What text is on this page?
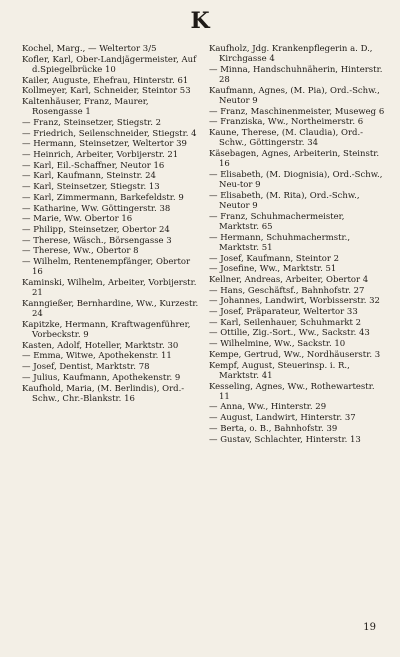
K

Kochel, Marg., — Weltertor 3/5

Kofler, Karl, Ober-Landjägermeister, Auf d.Spiegelbrücke 10

Kailer, Auguste, Ehefrau, Hinterstr. 61

Kollmeyer, Karl, Schneider, Steintor 53

Kaltenhäuser, Franz, Maurer, Rosengasse 1

— Franz, Steinsetzer, Stiegstr. 2

— Friedrich, Seilenschneider, Stiegstr. 4

— Hermann, Steinsetzer, Weltertor 39

— Heinrich, Arbeiter, Vorbijerstr. 21

— Karl, Eil.-Schaffner, Neutor 16

— Karl, Kaufmann, Steinstr. 24

— Karl, Steinsetzer, Stiegstr. 13

— Karl, Zimmermann, Barkefeldstr. 9

— Katharine, Ww. Göttingerstr. 38

— Marie, Ww. Obertor 16

— Philipp, Steinsetzer, Obertor 24

— Therese, Wäsch., Börsengasse 3

— Therese, Ww., Obertor 8

— Wilhelm, Rentenempfänger, Obertor 16

Kaminski, Wilhelm, Arbeiter, Vorbijerstr. 21

Kanngießer, Bernhardine, Ww., Kurzestr. 24

Kapitzke, Hermann, Kraftwagenführer, Vorbeckstr. 9

Kasten, Adolf, Hoteller, Marktstr. 30

— Emma, Witwe, Apothekenstr. 11

— Josef, Dentist, Marktstr. 78

— Julius, Kaufmann, Apothekenstr. 9

Kaufhold, Maria, (M. Berlindis), Ord.-Schw., Chr.-Blankstr. 16

Kaufholz, Jdg. Krankenpflegerin a. D., Kirchgasse 4

— Minna, Handschuhnäherin, Hinterstr. 28

Kaufmann, Agnes, (M. Pia), Ord.-Schw., Neutor 9

— Franz, Maschinenmeister, Museweg 6

— Franziska, Ww., Northeimerstr. 6

Kaune, Therese, (M. Claudia), Ord.-Schw., Göttingerstr. 34

Käsebagen, Agnes, Arbeiterin, Steinstr. 16

— Elisabeth, (M. Diognisia), Ord.-Schw., Neu-tor 9

— Elisabeth, (M. Rita), Ord.-Schw., Neutor 9

— Franz, Schuhmachermeister, Marktstr. 65

— Hermann, Schuhmachermstr., Marktstr. 51

— Josef, Kaufmann, Steintor 2

— Josefine, Ww., Marktstr. 51

Kellner, Andreas, Arbeiter, Obertor 4

— Hans, Geschäftsf., Bahnhofstr. 27

— Johannes, Landwirt, Worbisserstr. 32

— Josef, Präparateur, Weltertor 33

— Karl, Seilenhauer, Schuhmarkt 2

— Ottilie, Zig.-Sort., Ww., Sackstr. 43

— Wilhelmine, Ww., Sackstr. 10

Kempe, Gertrud, Ww., Nordhäuserstr. 3

Kempf, August, Steuerinsp. i. R., Marktstr. 41

Kesseling, Agnes, Ww., Rothewartestr. 11

— Anna, Ww., Hinterstr. 29

— August, Landwirt, Hinterstr. 37

— Berta, o. B., Bahnhofstr. 39

— Gustav, Schlachter, Hinterstr. 13

19
